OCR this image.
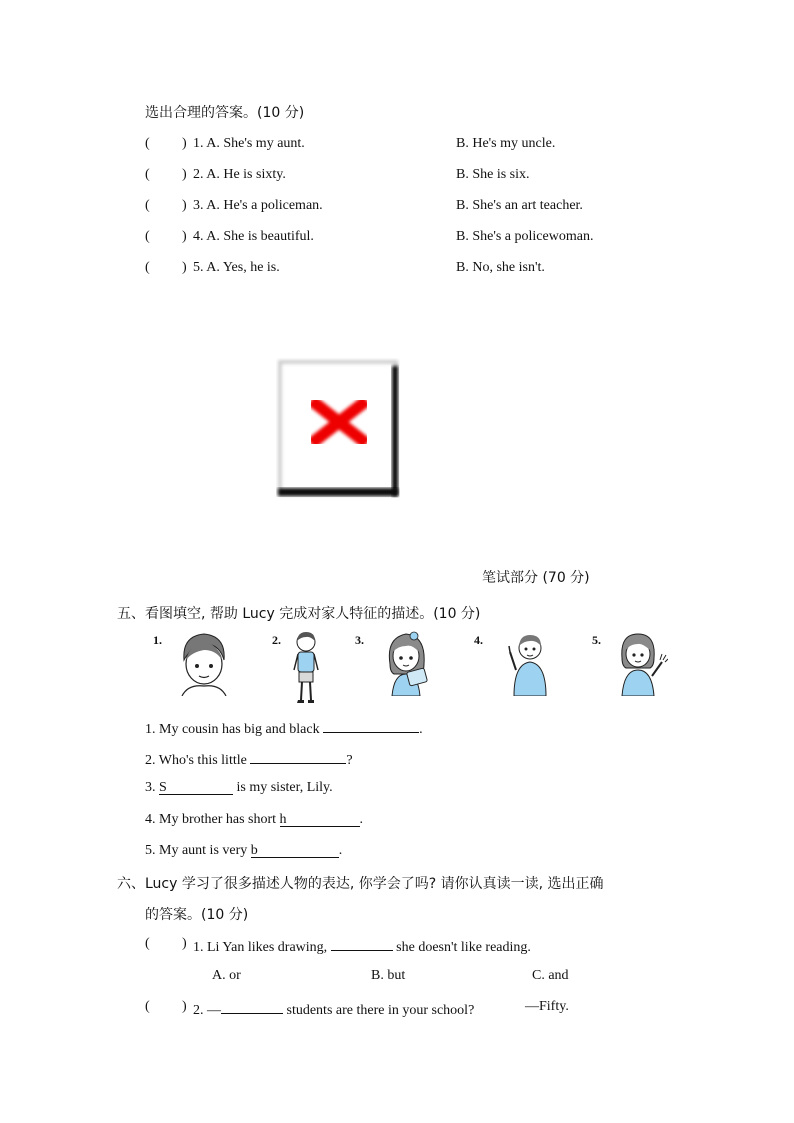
选出合理的答案。(10 分)
( ) 1. A. She's my aunt.	B. He's my uncle.
( ) 2. A. He is sixty.	B. She is six.
( ) 3. A. He's a policeman.	B. She's an art teacher.
( ) 4. A. She is beautiful.	B. She's a policewoman.
( ) 5. A. Yes, he is.	B. No, she isn't.
笔试部分 (70 分)
五、看图填空, 帮助 Lucy 完成对家人特征的描述。(10 分)
1.	2.	3.	4.	5.
1. My cousin has big and black	.
2. Who's this little	?
3. S	is my sister, Lily.
4. My brother has short h	.
5. My aunt is very b	.
六、Lucy 学习了很多描述人物的表达, 你学会了吗? 请你认真读一读, 选出正确
的答案。(10 分)
( ) 1. Li Yan likes drawing,	she doesn't like reading.
A. or	B. but	C. and
( ) 2. —	students are there in your school?	—Fifty.
